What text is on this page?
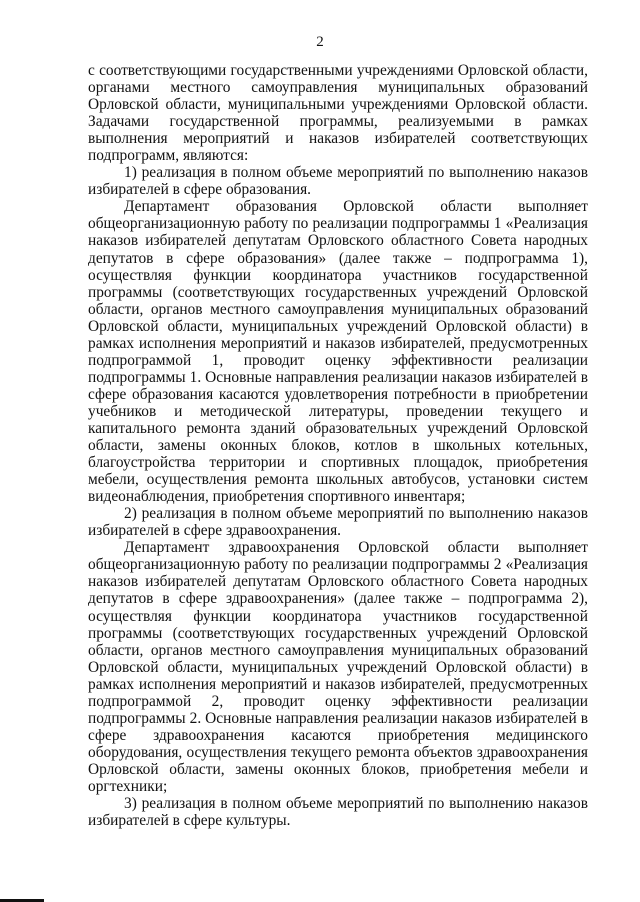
2

с соответствующими государственными учреждениями Орловской области, органами местного самоуправления муниципальных образований Орловской области, муниципальными учреждениями Орловской области. Задачами государственной программы, реализуемыми в рамках выполнения мероприятий и наказов избирателей соответствующих подпрограмм, являются:

1) реализация в полном объеме мероприятий по выполнению наказов избирателей в сфере образования.

Департамент образования Орловской области выполняет общеорганизационную работу по реализации подпрограммы 1 «Реализация наказов избирателей депутатам Орловского областного Совета народных депутатов в сфере образования» (далее также – подпрограмма 1), осуществляя функции координатора участников государственной программы (соответствующих государственных учреждений Орловской области, органов местного самоуправления муниципальных образований Орловской области, муниципальных учреждений Орловской области) в рамках исполнения мероприятий и наказов избирателей, предусмотренных подпрограммой 1, проводит оценку эффективности реализации подпрограммы 1. Основные направления реализации наказов избирателей в сфере образования касаются удовлетворения потребности в приобретении учебников и методической литературы, проведении текущего и капитального ремонта зданий образовательных учреждений Орловской области, замены оконных блоков, котлов в школьных котельных, благоустройства территории и спортивных площадок, приобретения мебели, осуществления ремонта школьных автобусов, установки систем видеонаблюдения, приобретения спортивного инвентаря;

2) реализация в полном объеме мероприятий по выполнению наказов избирателей в сфере здравоохранения.

Департамент здравоохранения Орловской области выполняет общеорганизационную работу по реализации подпрограммы 2 «Реализация наказов избирателей депутатам Орловского областного Совета народных депутатов в сфере здравоохранения» (далее также – подпрограмма 2), осуществляя функции координатора участников государственной программы (соответствующих государственных учреждений Орловской области, органов местного самоуправления муниципальных образований Орловской области, муниципальных учреждений Орловской области) в рамках исполнения мероприятий и наказов избирателей, предусмотренных подпрограммой 2, проводит оценку эффективности реализации подпрограммы 2. Основные направления реализации наказов избирателей в сфере здравоохранения касаются приобретения медицинского оборудования, осуществления текущего ремонта объектов здравоохранения Орловской области, замены оконных блоков, приобретения мебели и оргтехники;

3) реализация в полном объеме мероприятий по выполнению наказов избирателей в сфере культуры.
